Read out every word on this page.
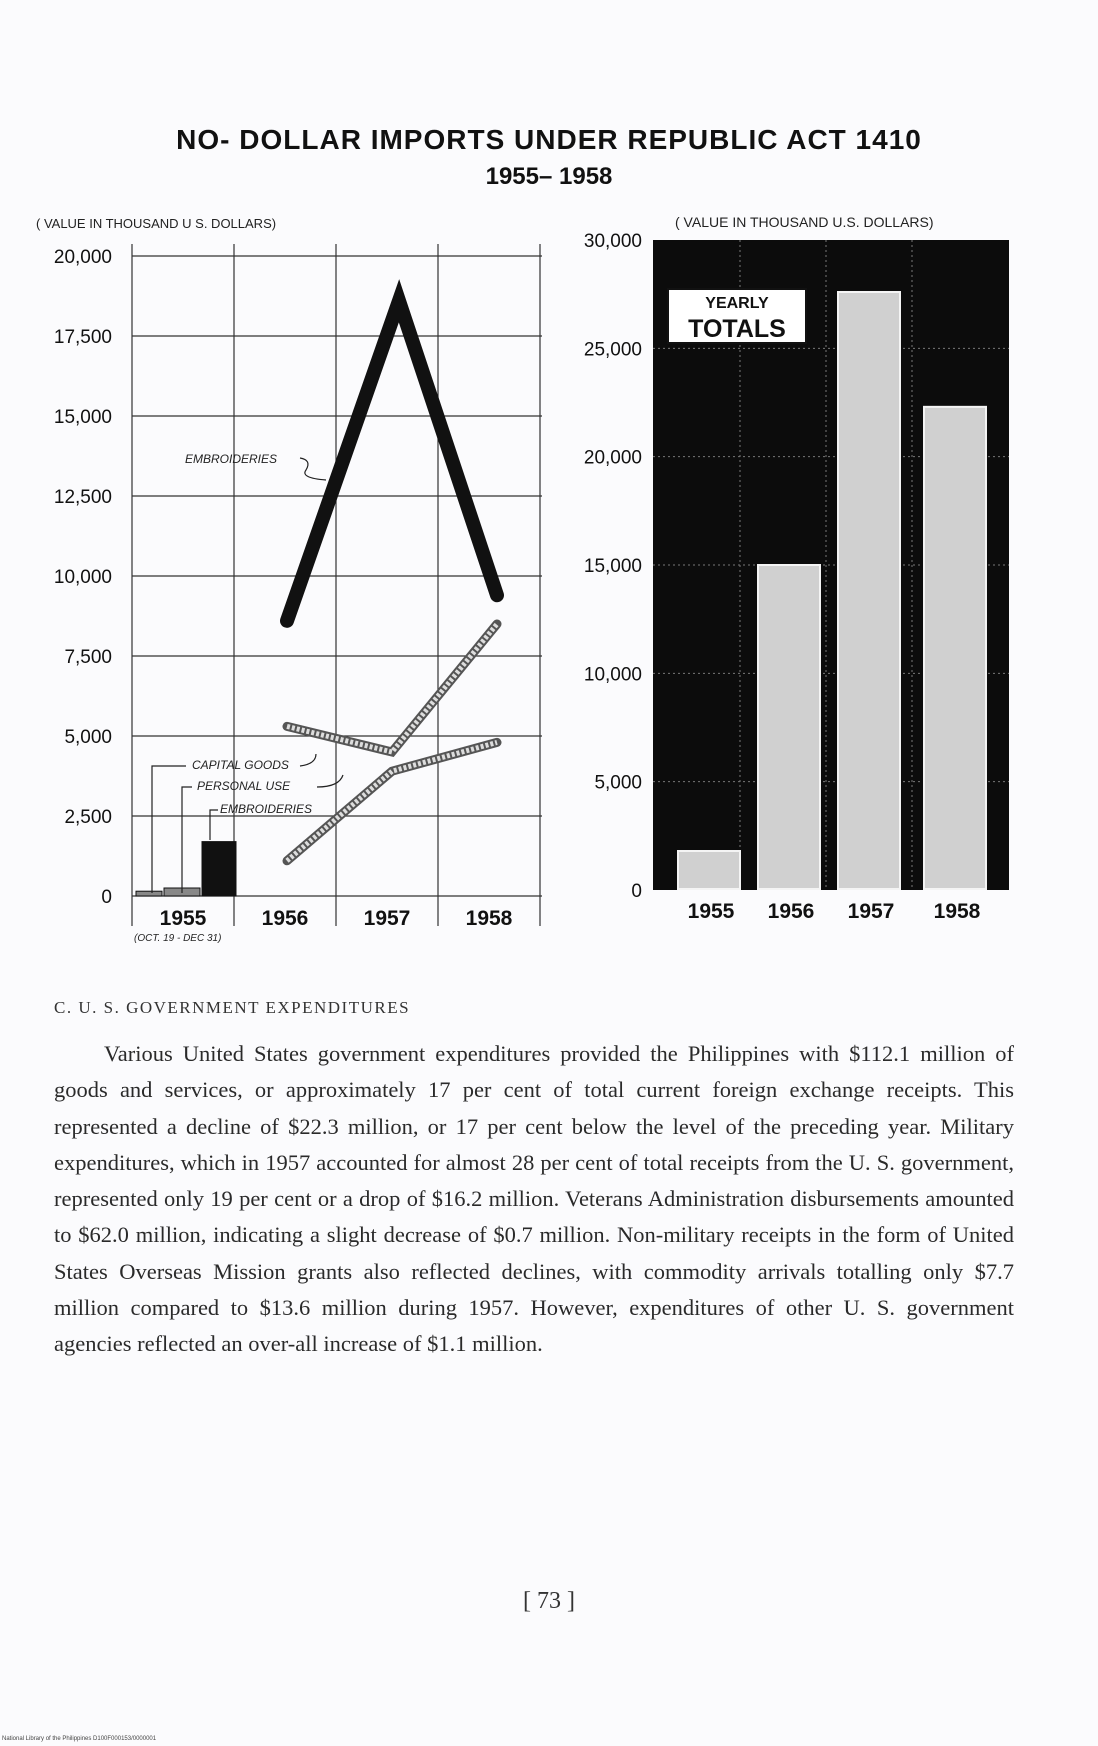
NO- DOLLAR IMPORTS UNDER REPUBLIC ACT 1410
1955– 1958
( VALUE IN THOUSAND U S. DOLLARS)
20,000
17,500
15,000
12,500
10,000
7,500
5,000
2,500
0
1955	1956	1957	1958
(OCT. 19 - DEC 31)
EMBROIDERIES
CAPITAL GOODS
PERSONAL USE
EMBROIDERIES
( VALUE IN THOUSAND U.S. DOLLARS)
30,000
25,000
20,000
15,000
10,000
5,000
0
1955 1956 1957 1958
YEARLY
TOTALS
C. U. S. GOVERNMENT EXPENDITURES
Various United States government expenditures provided the Philippines with $112.1 million of goods and services, or approximately 17 per cent of total current foreign exchange receipts. This represented a decline of $22.3 million, or 17 per cent below the level of the preceding year. Military expenditures, which in 1957 accounted for almost 28 per cent of total receipts from the U. S. government, represented only 19 per cent or a drop of $16.2 million. Veterans Administration disbursements amounted to $62.0 million, indicating a slight decrease of $0.7 million. Non-military receipts in the form of United States Overseas Mission grants also reflected declines, with commodity arrivals totalling only $7.7 million compared to $13.6 million during 1957. However, expenditures of other U. S. government agencies reflected an over-all increase of $1.1 million.
[ 73 ]
National Library of the Philippines D100F000153/0000001
